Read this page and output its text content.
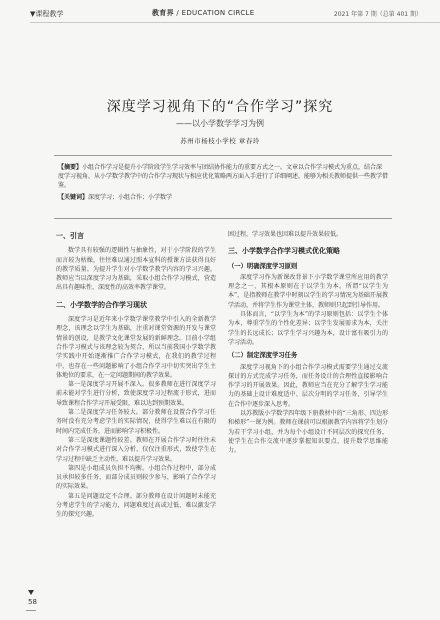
▼课程教学	教育界 / EDUCATION CIRCLE	2021 年第 7 期（总第 401 期）
深度学习视角下的“合作学习”探究
——以小学数学学习为例
苏州市杨枝小学校 章春玲

【摘要】小组合作学习是提升小学阶段学生学习效率与团结协作能力的重要方式之一。文章以合作学习模式为重点，结合深度学习视角，从小学数学教学中的合作学习现状与相应优化策略两方面入手进行了详细阐述，能够为相关教师提供一些教学借鉴。

【关键词】深度学习；小组合作；小学数学

一、引言

数学具有较强的逻辑性与抽象性，对于小学阶段的学生而言较为枯燥，往往难以通过照本宣科的授课方法获得良好的教学质量。为提升学生对小学数学教学内容的学习兴趣，教师应当以深度学习为基础，采取小组合作学习模式，营造出具有趣味性、深度性的高效率教学课堂。

二、小学数学的合作学习现状

深度学习是近年来小学数学课堂教学中引入的全新教学理念，该理念以学生为基础，注重对课堂资源的开发与课堂情景的创设，是教学文化课堂发展的新鲜理念。目前小学组合作学习模式与该理念较为契合，所以当前我国小学数学教学实践中开始逐渐推广合作学习模式，在我们的教学过程中，也存在一些问题影响了小组合作学习中切实突出学生主体地位的要求，在一定问题期间的教学效果。

第一是深度学习开展不深入。很多教师在进行深度学习前未能对学生进行分析，致使深度学习过程流于形式，进而导致课程合作学习开展受限，难以达到预期效果。

第二是深度学习任务较大。部分教师在设置合作学习任务时没有充分考虑学生的实际情况，使得学生难以在有限的时间内完成任务，进而影响学习积极性。

第三是深度课题性较差。教师在开展合作学习时往往未对合作学习模式进行深入分析，仅仅注重形式，致使学生在学习过程中缺乏主动性，难以提升学习效果。

第四是小组成员负担不均衡。小组合作过程中，部分成员承担较多任务，而部分成员则较少参与，影响了合作学习的实际效果。

第五是问题设定不合理。部分教师在设计问题时未能充分考虑学生的学习能力，问题难度过高或过低，难以激发学生的探究兴趣。

困过程，学习效果也因难以提升效果较低。

三、小学数学合作学习模式优化策略
（一）明确深度学习原则

深度学习作为新课改背景下小学数学课堂所应用的教学理念之一，其根本原则在于以学生为本。所谓“以学生为本”，是指教师在教学中时刻以学生的学习情况为基础开展教学活动，并将学生作为课堂主体，教师则只起到引导作用。

具体而言，“以学生为本”的学习原则包括：以学生个体为本，尊重学生的个性化差异；以学生发展需求为本，关注学生的长远成长；以学生学习兴趣为本，设计富有吸引力的学习活动。

（二）制定深度学习任务

深度学习视角下的小组合作学习模式需要学生通过交流探讨的方式完成学习任务，而任务设计的合理性直接影响合作学习的开展效果。因此，教师应当在充分了解学生学习能力的基础上设计难度适中、层次分明的学习任务，引导学生在合作中逐步深入思考。

以苏教版小学数学四年级下册教材中的“三角形、四边形和梯形”一课为例。教师在课前可以根据教学内容将学生划分为若干学习小组，并为每个小组设计不同层次的探究任务，使学生在合作交流中逐步掌握知识要点，提升数学思维能力。

58
